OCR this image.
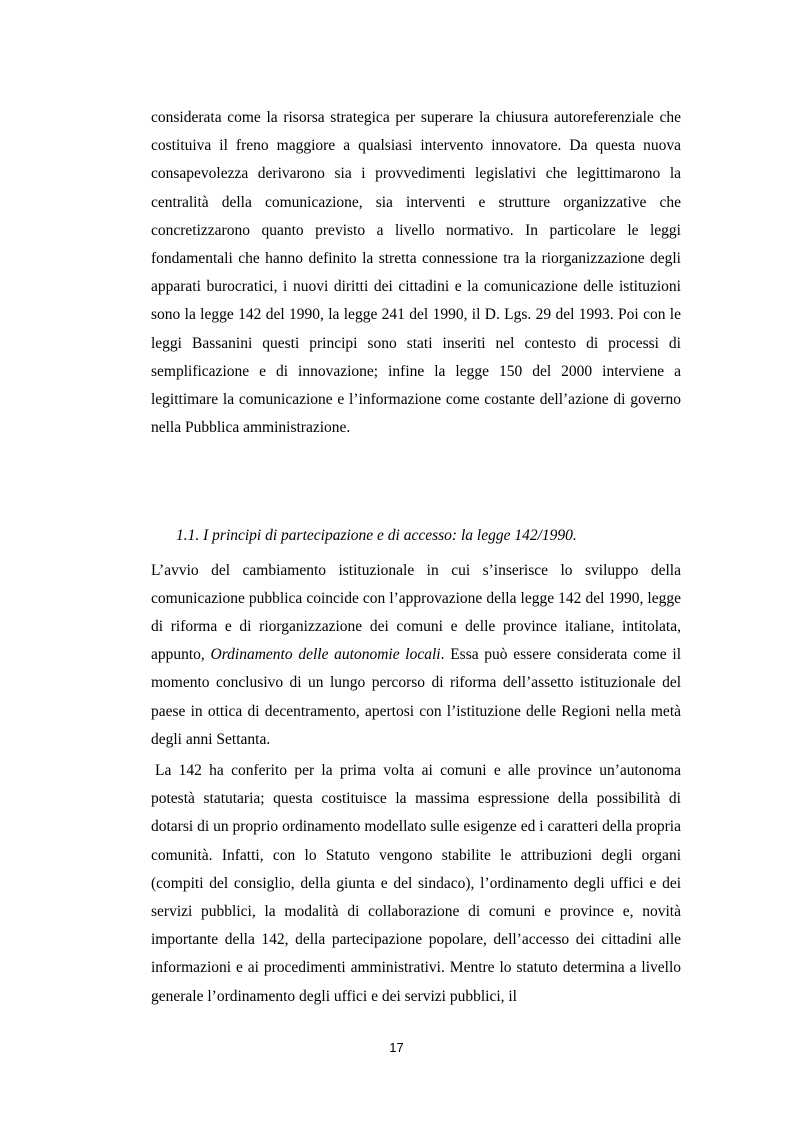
considerata come la risorsa strategica per superare la chiusura autoreferenziale che costituiva il freno maggiore a qualsiasi intervento innovatore. Da questa nuova consapevolezza derivarono sia i provvedimenti legislativi che legittimarono la centralità della comunicazione, sia interventi e strutture organizzative che concretizzarono quanto previsto a livello normativo. In particolare le leggi fondamentali che hanno definito la stretta connessione tra la riorganizzazione degli apparati burocratici, i nuovi diritti dei cittadini e la comunicazione delle istituzioni sono la legge 142 del 1990, la legge 241 del 1990, il D. Lgs. 29 del 1993. Poi con le leggi Bassanini questi principi sono stati inseriti nel contesto di processi di semplificazione e di innovazione; infine la legge 150 del 2000 interviene a legittimare la comunicazione e l’informazione come costante dell’azione di governo nella Pubblica amministrazione.

1.1. I principi di partecipazione e di accesso: la legge 142/1990.

L’avvio del cambiamento istituzionale in cui s’inserisce lo sviluppo della comunicazione pubblica coincide con l’approvazione della legge 142 del 1990, legge di riforma e di riorganizzazione dei comuni e delle province italiane, intitolata, appunto, Ordinamento delle autonomie locali. Essa può essere considerata come il momento conclusivo di un lungo percorso di riforma dell’assetto istituzionale del paese in ottica di decentramento, apertosi con l’istituzione delle Regioni nella metà degli anni Settanta.

La 142 ha conferito per la prima volta ai comuni e alle province un’autonoma potestà statutaria; questa costituisce la massima espressione della possibilità di dotarsi di un proprio ordinamento modellato sulle esigenze ed i caratteri della propria comunità. Infatti, con lo Statuto vengono stabilite le attribuzioni degli organi (compiti del consiglio, della giunta e del sindaco), l’ordinamento degli uffici e dei servizi pubblici, la modalità di collaborazione di comuni e province e, novità importante della 142, della partecipazione popolare, dell’accesso dei cittadini alle informazioni e ai procedimenti amministrativi. Mentre lo statuto determina a livello generale l’ordinamento degli uffici e dei servizi pubblici, il

17
